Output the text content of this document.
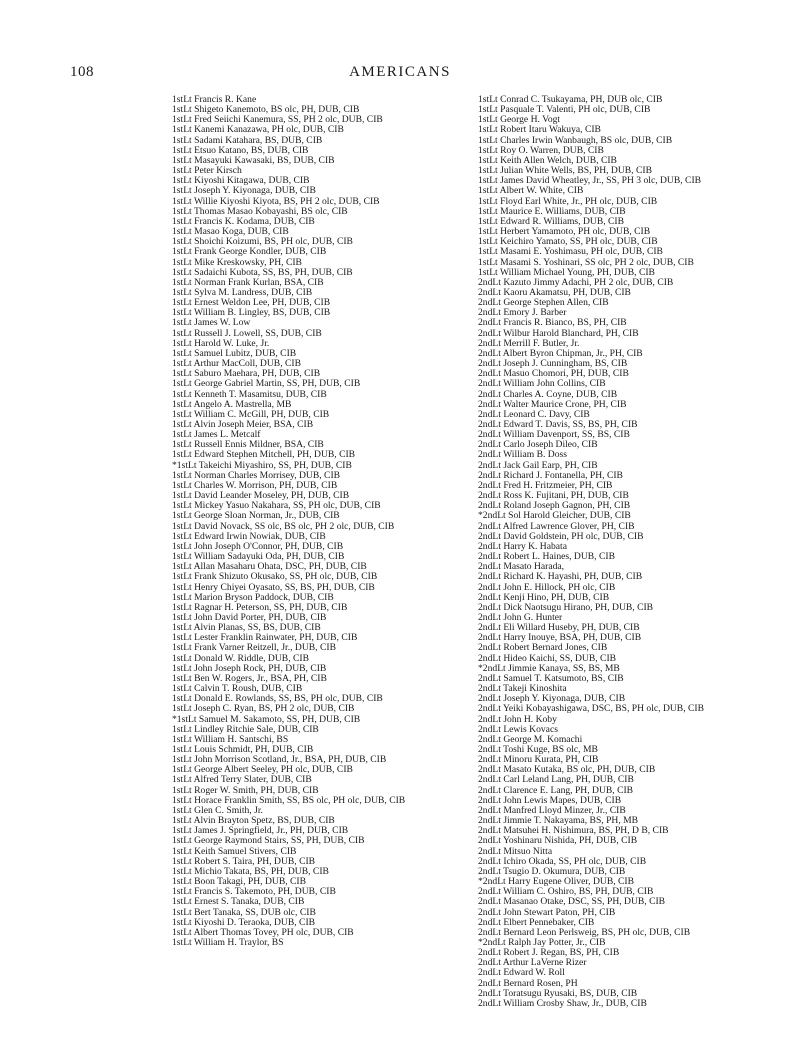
108	AMERICANS
1stLt Francis R. Kane
1stLt Shigeto Kanemoto, BS olc, PH, DUB, CIB
1stLt Fred Seiichi Kanemura, SS, PH 2 olc, DUB, CIB
1stLt Kanemi Kanazawa, PH olc, DUB, CIB
1stLt Sadami Katahara, BS, DUB, CIB
1stLt Etsuo Katano, BS, DUB, CIB
1stLt Masayuki Kawasaki, BS, DUB, CIB
1stLt Peter Kirsch
1stLt Kiyoshi Kitagawa, DUB, CIB
1stLt Joseph Y. Kiyonaga, DUB, CIB
1stLt Willie Kiyoshi Kiyota, BS, PH 2 olc, DUB, CIB
1stLt Thomas Masao Kobayashi, BS olc, CIB
1stLt Francis K. Kodama, DUB, CIB
1stLt Masao Koga, DUB, CIB
1stLt Shoichi Koizumi, BS, PH olc, DUB, CIB
1stLt Frank George Kondler, DUB, CIB
1stLt Mike Kreskowsky, PH, CIB
1stLt Sadaichi Kubota, SS, BS, PH, DUB, CIB
1stLt Norman Frank Kurlan, BSA, CIB
1stLt Sylva M. Landress, DUB, CIB
1stLt Ernest Weldon Lee, PH, DUB, CIB
1stLt William B. Lingley, BS, DUB, CIB
1stLt James W. Low
1stLt Russell J. Lowell, SS, DUB, CIB
1stLt Harold W. Luke, Jr.
1stLt Samuel Lubitz, DUB, CIB
1stLt Arthur MacColl, DUB, CIB
1stLt Saburo Maehara, PH, DUB, CIB
1stLt George Gabriel Martin, SS, PH, DUB, CIB
1stLt Kenneth T. Masamitsu, DUB, CIB
1stLt Angelo A. Mastrella, MB
1stLt William C. McGill, PH, DUB, CIB
1stLt Alvin Joseph Meier, BSA, CIB
1stLt James L. Metcalf
1stLt Russell Ennis Mildner, BSA, CIB
1stLt Edward Stephen Mitchell, PH, DUB, CIB
*1stLt Takeichi Miyashiro, SS, PH, DUB, CIB
1stLt Norman Charles Morrisey, DUB, CIB
1stLt Charles W. Morrison, PH, DUB, CIB
1stLt David Leander Moseley, PH, DUB, CIB
1stLt Mickey Yasuo Nakahara, SS, PH olc, DUB, CIB
1stLt George Sloan Norman, Jr., DUB, CIB
1stLt David Novack, SS olc, BS olc, PH 2 olc, DUB, CIB
1stLt Edward Irwin Nowiak, DUB, CIB
1stLt John Joseph O'Connor, PH, DUB, CIB
1stLt William Sadayuki Oda, PH, DUB, CIB
1stLt Allan Masaharu Ohata, DSC, PH, DUB, CIB
1stLt Frank Shizuto Okusako, SS, PH olc, DUB, CIB
1stLt Henry Chiyei Oyasato, SS, BS, PH, DUB, CIB
1stLt Marion Bryson Paddock, DUB, CIB
1stLt Ragnar H. Peterson, SS, PH, DUB, CIB
1stLt John David Porter, PH, DUB, CIB
1stLt Alvin Planas, SS, BS, DUB, CIB
1stLt Lester Franklin Rainwater, PH, DUB, CIB
1stLt Frank Varner Reitzell, Jr., DUB, CIB
1stLt Donald W. Riddle, DUB, CIB
1stLt John Joseph Rock, PH, DUB, CIB
1stLt Ben W. Rogers, Jr., BSA, PH, CIB
1stLt Calvin T. Roush, DUB, CIB
1stLt Donald E. Rowlands, SS, BS, PH olc, DUB, CIB
1stLt Joseph C. Ryan, BS, PH 2 olc, DUB, CIB
*1stLt Samuel M. Sakamoto, SS, PH, DUB, CIB
1stLt Lindley Ritchie Sale, DUB, CIB
1stLt William H. Santschi, BS
1stLt Louis Schmidt, PH, DUB, CIB
1stLt John Morrison Scotland, Jr., BSA, PH, DUB, CIB
1stLt George Albert Seeley, PH olc, DUB, CIB
1stLt Alfred Terry Slater, DUB, CIB
1stLt Roger W. Smith, PH, DUB, CIB
1stLt Horace Franklin Smith, SS, BS olc, PH olc, DUB, CIB
1stLt Glen C. Smith, Jr.
1stLt Alvin Brayton Spetz, BS, DUB, CIB
1stLt James J. Springfield, Jr., PH, DUB, CIB
1stLt George Raymond Stairs, SS, PH, DUB, CIB
1stLt Keith Samuel Stivers, CIB
1stLt Robert S. Taira, PH, DUB, CIB
1stLt Michio Takata, BS, PH, DUB, CIB
1stLt Boon Takagi, PH, DUB, CIB
1stLt Francis S. Takemoto, PH, DUB, CIB
1stLt Ernest S. Tanaka, DUB, CIB
1stLt Bert Tanaka, SS, DUB olc, CIB
1stLt Kiyoshi D. Teraoka, DUB, CIB
1stLt Albert Thomas Tovey, PH olc, DUB, CIB
1stLt William H. Traylor, BS
1stLt Conrad C. Tsukayama, PH, DUB olc, CIB
1stLt Pasquale T. Valenti, PH olc, DUB, CIB
1stLt George H. Vogt
1stLt Robert Itaru Wakuya, CIB
1stLt Charles Irwin Wanbaugh, BS olc, DUB, CIB
1stLt Roy O. Warren, DUB, CIB
1stLt Keith Allen Welch, DUB, CIB
1stLt Julian White Wells, BS, PH, DUB, CIB
1stLt James David Wheatley, Jr., SS, PH 3 olc, DUB, CIB
1stLt Albert W. White, CIB
1stLt Floyd Earl White, Jr., PH olc, DUB, CIB
1stLt Maurice E. Williams, DUB, CIB
1stLt Edward R. Williams, DUB, CIB
1stLt Herbert Yamamoto, PH olc, DUB, CIB
1stLt Keichiro Yamato, SS, PH olc, DUB, CIB
1stLt Masami E. Yoshimasu, PH olc, DUB, CIB
1stLt Masami S. Yoshinari, SS olc, PH 2 olc, DUB, CIB
1stLt William Michael Young, PH, DUB, CIB
2ndLt Kazuto Jimmy Adachi, PH 2 olc, DUB, CIB
2ndLt Kaoru Akamatsu, PH, DUB, CIB
2ndLt George Stephen Allen, CIB
2ndLt Emory J. Barber
2ndLt Francis R. Bianco, BS, PH, CIB
2ndLt Wilbur Harold Blanchard, PH, CIB
2ndLt Merrill F. Butler, Jr.
2ndLt Albert Byron Chipman, Jr., PH, CIB
2ndLt Joseph J. Cunningham, BS, CIB
2ndLt Masuo Chomori, PH, DUB, CIB
2ndLt William John Collins, CIB
2ndLt Charles A. Coyne, DUB, CIB
2ndLt Walter Maurice Crone, PH, CIB
2ndLt Leonard C. Davy, CIB
2ndLt Edward T. Davis, SS, BS, PH, CIB
2ndLt William Davenport, SS, BS, CIB
2ndLt Carlo Joseph Dileo, CIB
2ndLt William B. Doss
2ndLt Jack Gail Earp, PH, CIB
2ndLt Richard J. Fontanella, PH, CIB
2ndLt Fred H. Fritzmeier, PH, CIB
2ndLt Ross K. Fujitani, PH, DUB, CIB
2ndLt Roland Joseph Gagnon, PH, CIB
*2ndLt Sol Harold Gleicher, DUB, CIB
2ndLt Alfred Lawrence Glover, PH, CIB
2ndLt David Goldstein, PH olc, DUB, CIB
2ndLt Harry K. Habata
2ndLt Robert L. Haines, DUB, CIB
2ndLt Masato Harada,
2ndLt Richard K. Hayashi, PH, DUB, CIB
2ndLt John E. Hillock, PH olc, CIB
2ndLt Kenji Hino, PH, DUB, CIB
2ndLt Dick Naotsugu Hirano, PH, DUB, CIB
2ndLt John G. Hunter
2ndLt Eli Willard Huseby, PH, DUB, CIB
2ndLt Harry Inouye, BSA, PH, DUB, CIB
2ndLt Robert Bernard Jones, CIB
2ndLt Hideo Kaichi, SS, DUB, CIB
*2ndLt Jimmie Kanaya, SS, BS, MB
2ndLt Samuel T. Katsumoto, BS, CIB
2ndLt Takeji Kinoshita
2ndLt Joseph Y. Kiyonaga, DUB, CIB
2ndLt Yeiki Kobayashigawa, DSC, BS, PH olc, DUB, CIB
2ndLt John H. Koby
2ndLt Lewis Kovacs
2ndLt George M. Komachi
2ndLt Toshi Kuge, BS olc, MB
2ndLt Minoru Kurata, PH, CIB
2ndLt Masato Kutaka, BS olc, PH, DUB, CIB
2ndLt Carl Leland Lang, PH, DUB, CIB
2ndLt Clarence E. Lang, PH, DUB, CIB
2ndLt John Lewis Mapes, DUB, CIB
2ndLt Manfred Lloyd Minzer, Jr., CIB
2ndLt Jimmie T. Nakayama, BS, PH, MB
2ndLt Matsuhei H. Nishimura, BS, PH, D B, CIB
2ndLt Yoshinaru Nishida, PH, DUB, CIB
2ndLt Mitsuo Nitta
2ndLt Ichiro Okada, SS, PH olc, DUB, CIB
2ndLt Tsugio D. Okumura, DUB, CIB
*2ndLt Harry Eugene Oliver, DUB, CIB
2ndLt William C. Oshiro, BS, PH, DUB, CIB
2ndLt Masanao Otake, DSC, SS, PH, DUB, CIB
2ndLt John Stewart Paton, PH, CIB
2ndLt Elbert Pennebaker, CIB
2ndLt Bernard Leon Perlsweig, BS, PH olc, DUB, CIB
*2ndLt Ralph Jay Potter, Jr., CIB
2ndLt Robert J. Regan, BS, PH, CIB
2ndLt Arthur LaVerne Rizer
2ndLt Edward W. Roll
2ndLt Bernard Rosen, PH
2ndLt Toratsugu Ryusaki, BS, DUB, CIB
2ndLt William Crosby Shaw, Jr., DUB, CIB
